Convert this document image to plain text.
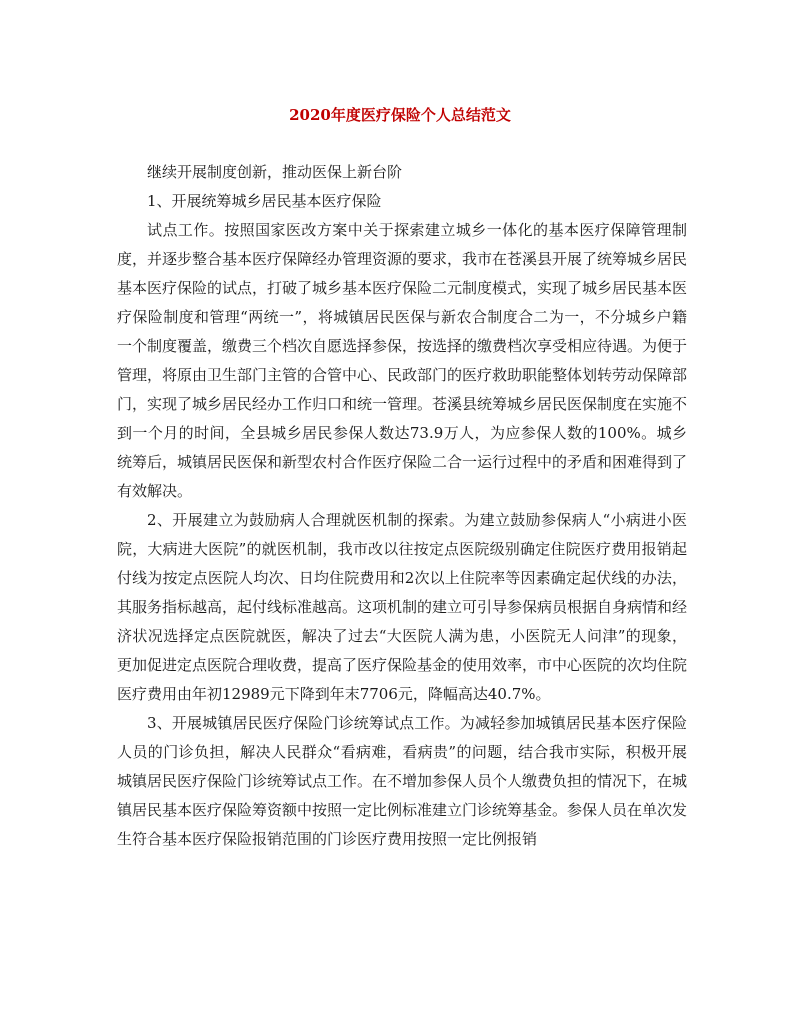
2020年度医疗保险个人总结范文

继续开展制度创新，推动医保上新台阶

1、开展统筹城乡居民基本医疗保险

试点工作。按照国家医改方案中关于探索建立城乡一体化的基本医疗保障管理制度，并逐步整合基本医疗保障经办管理资源的要求，我市在苍溪县开展了统筹城乡居民基本医疗保险的试点，打破了城乡基本医疗保险二元制度模式，实现了城乡居民基本医疗保险制度和管理“两统一”，将城镇居民医保与新农合制度合二为一，不分城乡户籍一个制度覆盖，缴费三个档次自愿选择参保，按选择的缴费档次享受相应待遇。为便于管理，将原由卫生部门主管的合管中心、民政部门的医疗救助职能整体划转劳动保障部门，实现了城乡居民经办工作归口和统一管理。苍溪县统筹城乡居民医保制度在实施不到一个月的时间，全县城乡居民参保人数达73.9万人，为应参保人数的100%。城乡统筹后，城镇居民医保和新型农村合作医疗保险二合一运行过程中的矛盾和困难得到了有效解决。

2、开展建立为鼓励病人合理就医机制的探索。为建立鼓励参保病人“小病进小医院，大病进大医院”的就医机制，我市改以往按定点医院级别确定住院医疗费用报销起付线为按定点医院人均次、日均住院费用和2次以上住院率等因素确定起伏线的办法，其服务指标越高，起付线标准越高。这项机制的建立可引导参保病员根据自身病情和经济状况选择定点医院就医，解决了过去“大医院人满为患，小医院无人问津”的现象，更加促进定点医院合理收费，提高了医疗保险基金的使用效率，市中心医院的次均住院医疗费用由年初12989元下降到年末7706元，降幅高达40.7%。

3、开展城镇居民医疗保险门诊统筹试点工作。为减轻参加城镇居民基本医疗保险人员的门诊负担，解决人民群众“看病难，看病贵”的问题，结合我市实际，积极开展城镇居民医疗保险门诊统筹试点工作。在不增加参保人员个人缴费负担的情况下，在城镇居民基本医疗保险筹资额中按照一定比例标准建立门诊统筹基金。参保人员在单次发生符合基本医疗保险报销范围的门诊医疗费用按照一定比例报销
